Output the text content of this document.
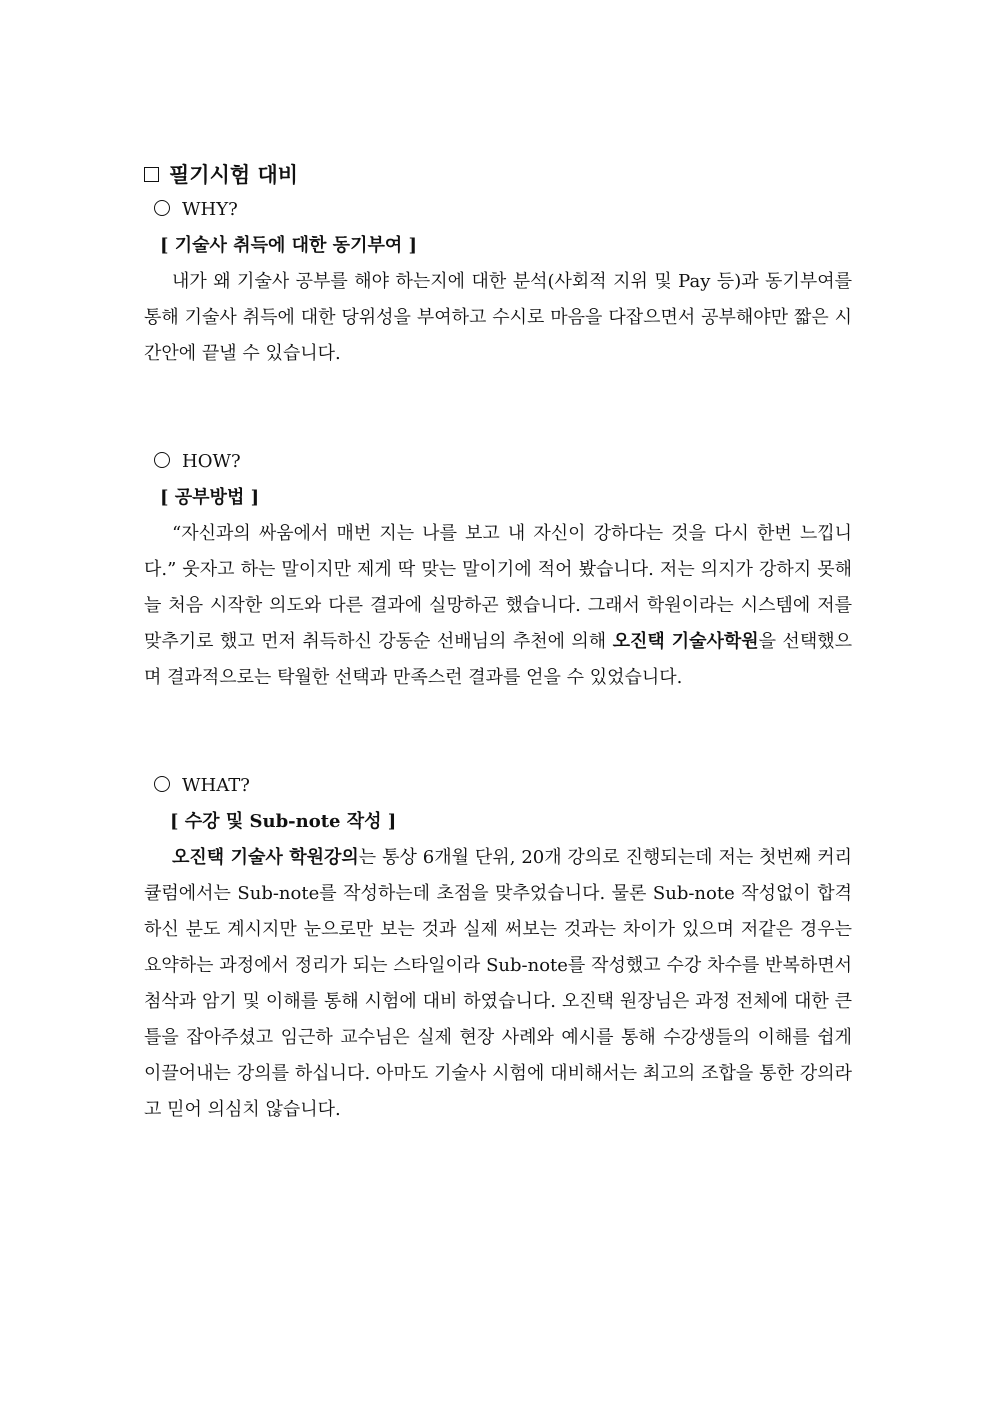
필기시험 대비
WHY?
[ 기술사 취득에 대한 동기부여 ]

내가 왜 기술사 공부를 해야 하는지에 대한 분석(사회적 지위 및 Pay 등)과 동기부여를 통해 기술사 취득에 대한 당위성을 부여하고 수시로 마음을 다잡으면서 공부해야만 짧은 시간안에 끝낼 수 있습니다.

HOW?
[ 공부방법 ]

“자신과의 싸움에서 매번 지는 나를 보고 내 자신이 강하다는 것을 다시 한번 느낍니다.” 웃자고 하는 말이지만 제게 딱 맞는 말이기에 적어 봤습니다. 저는 의지가 강하지 못해 늘 처음 시작한 의도와 다른 결과에 실망하곤 했습니다. 그래서 학원이라는 시스템에 저를 맞추기로 했고 먼저 취득하신 강동순 선배님의 추천에 의해 오진택 기술사학원을 선택했으며 결과적으로는 탁월한 선택과 만족스런 결과를 얻을 수 있었습니다.

WHAT?
[ 수강 및 Sub-note 작성 ]

오진택 기술사 학원강의는 통상 6개월 단위, 20개 강의로 진행되는데 저는 첫번째 커리큘럼에서는 Sub-note를 작성하는데 초점을 맞추었습니다. 물론 Sub-note 작성없이 합격하신 분도 계시지만 눈으로만 보는 것과 실제 써보는 것과는 차이가 있으며 저같은 경우는 요약하는 과정에서 정리가 되는 스타일이라 Sub-note를 작성했고 수강 차수를 반복하면서 첨삭과 암기 및 이해를 통해 시험에 대비 하였습니다. 오진택 원장님은 과정 전체에 대한 큰 틀을 잡아주셨고 임근하 교수님은 실제 현장 사례와 예시를 통해 수강생들의 이해를 쉽게 이끌어내는 강의를 하십니다. 아마도 기술사 시험에 대비해서는 최고의 조합을 통한 강의라고 믿어 의심치 않습니다.
